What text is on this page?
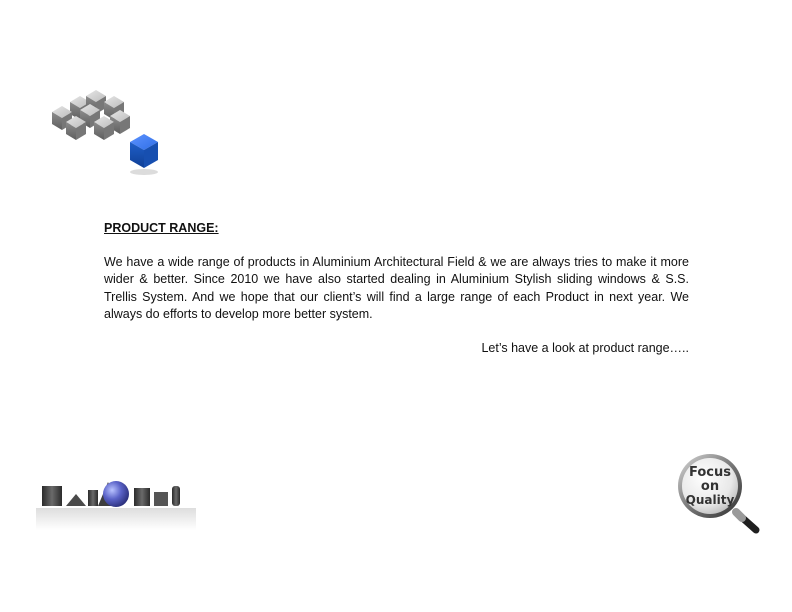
PRODUCT RANGE:

We have a wide range of products in Aluminium Architectural Field & we are always tries to make it more wider & better. Since 2010 we have also started dealing in Aluminium Stylish sliding windows & S.S. Trellis System. And we hope that our client’s will find a large range of each Product in next year. We always do efforts to develop more better system.

Let’s have a look at product range…..

Focus
on
Quality
